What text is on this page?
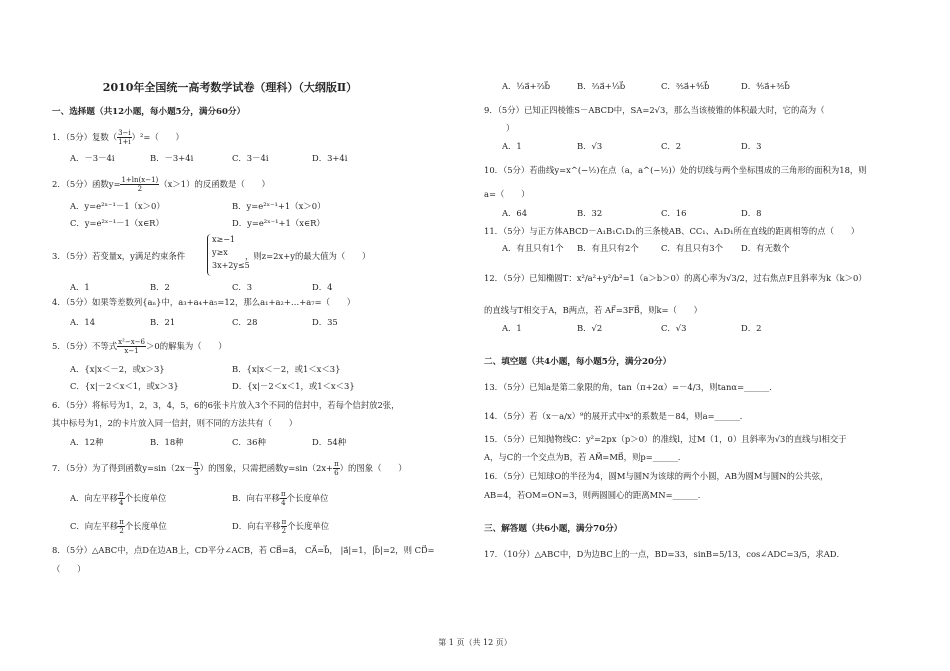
2010年全国统一高考数学试卷（理科）（大纲版Ⅱ）
一、选择题（共12小题，每小题5分，满分60分）
1．（5分）复数（ $\frac{3-i}{1+i} )^2=$（　　）
A．－3－4i	B．－3+4i	C．3－4i	D．3+4i
2．（5分）函数$y= \frac{1+\ln(x-1)}{2} (x>1)$的反函数是（　　）
A．y=e²ˣ⁻¹－1（x＞0）	B．y=e²ˣ⁻¹+1（x＞0）
C．y=e²ˣ⁻¹－1（x∈R）	D．y=e²ˣ⁻¹+1（x∈R）
3．（5分）若变量x，y满足约束条件
x≥−1
y≥x
3x+2y≤5
，则z=2x+y的最大值为（　　）
A．1	B．2	C．3	D．4
4．（5分）如果等差数列{aₙ}中，a₃+a₄+a₅=12，那么a₁+a₂+…+a₇=（　　）
A．14	B．21	C．28	D．35
5．（5分）不等式 $\frac{\text{x²−x−6}}{x-1} >0$的解集为（　　）
A．{x|x＜－2，或x＞3}	B．{x|x＜－2，或1＜x＜3}
C．{x|－2＜x＜1，或x＞3}	D．{x|－2＜x＜1，或1＜x＜3}
6．（5分）将标号为1，2，3，4，5，6的6张卡片放入3个不同的信封中，若每个信封放2张，
其中标号为1，2的卡片放入同一信封，则不同的方法共有（　　）
A．12种	B．18种	C．36种	D．54种
7．（5分）为了得到函数$y=\sin(2x- \frac{\pi}{3}$ ）的图象，只需把函数$y=\sin(2x+ \frac{\pi}{6}$ ）的图象（　　）
A．向左平移 $\frac{\pi}{4}$ 个长度单位	B．向右平移 $\frac{\pi}{4}$ 个长度单位
C．向左平移 $\frac{\pi}{2}$ 个长度单位	D．向右平移 $\frac{\pi}{2}$ 个长度单位
8．（5分）△ABC中，点D在边AB上，CD平分∠ACB，若 CB⃗=a⃗， CA⃗=b⃗， |a⃗|=1，|b⃗|=2，则 CD⃗=
（　　）
A．⅓a⃗+⅔b⃗	B．⅔a⃗+⅓b⃗	C．⅗a⃗+⅘b⃗	D．⅘a⃗+⅗b⃗
9．（5分）已知正四棱锥S－ABCD中，SA=2√3，那么当该棱锥的体积最大时，它的高为（
）
A．1	B．√3	C．2	D．3
10．（5分）若曲线y=x^(−½)在点（a，a^(−½)）处的切线与两个坐标围成的三角形的面积为18，则
a=（　　）
A．64	B．32	C．16	D．8
11．（5分）与正方体ABCD－A₁B₁C₁D₁的三条棱AB、CC₁、A₁D₁所在直线的距离相等的点（　　）
A．有且只有1个 B．有且只有2个	C．有且只有3个 D．有无数个
12．（5分）已知椭圆T：x²/a²+y²/b²=1（a＞b＞0）的离心率为√3/2，过右焦点F且斜率为k（k＞0）
的直线与T相交于A，B两点，若 AF⃗=3FB⃗，则k=（　　）
A．1	B．√2	C．√3	D．2
二、填空题（共4小题，每小题5分，满分20分）
13．（5分）已知a是第二象限的角，tan（π+2α）=－4/3，则tanα=______．
14．（5分）若（x－a/x）⁹的展开式中x³的系数是－84，则a=______．
15．（5分）已知抛物线C：y²=2px（p＞0）的准线l，过M（1，0）且斜率为√3的直线与l相交于
A，与C的一个交点为B，若 AM⃗=MB⃗，则p=______．
16．（5分）已知球O的半径为4，圆M与圆N为该球的两个小圆，AB为圆M与圆N的公共弦，
AB=4，若OM=ON=3，则两圆圆心的距离MN=______．
三、解答题（共6小题，满分70分）
17．（10分）△ABC中，D为边BC上的一点，BD=33，sinB=5/13，cos∠ADC=3/5，求AD．
第 1 页（共 12 页）
